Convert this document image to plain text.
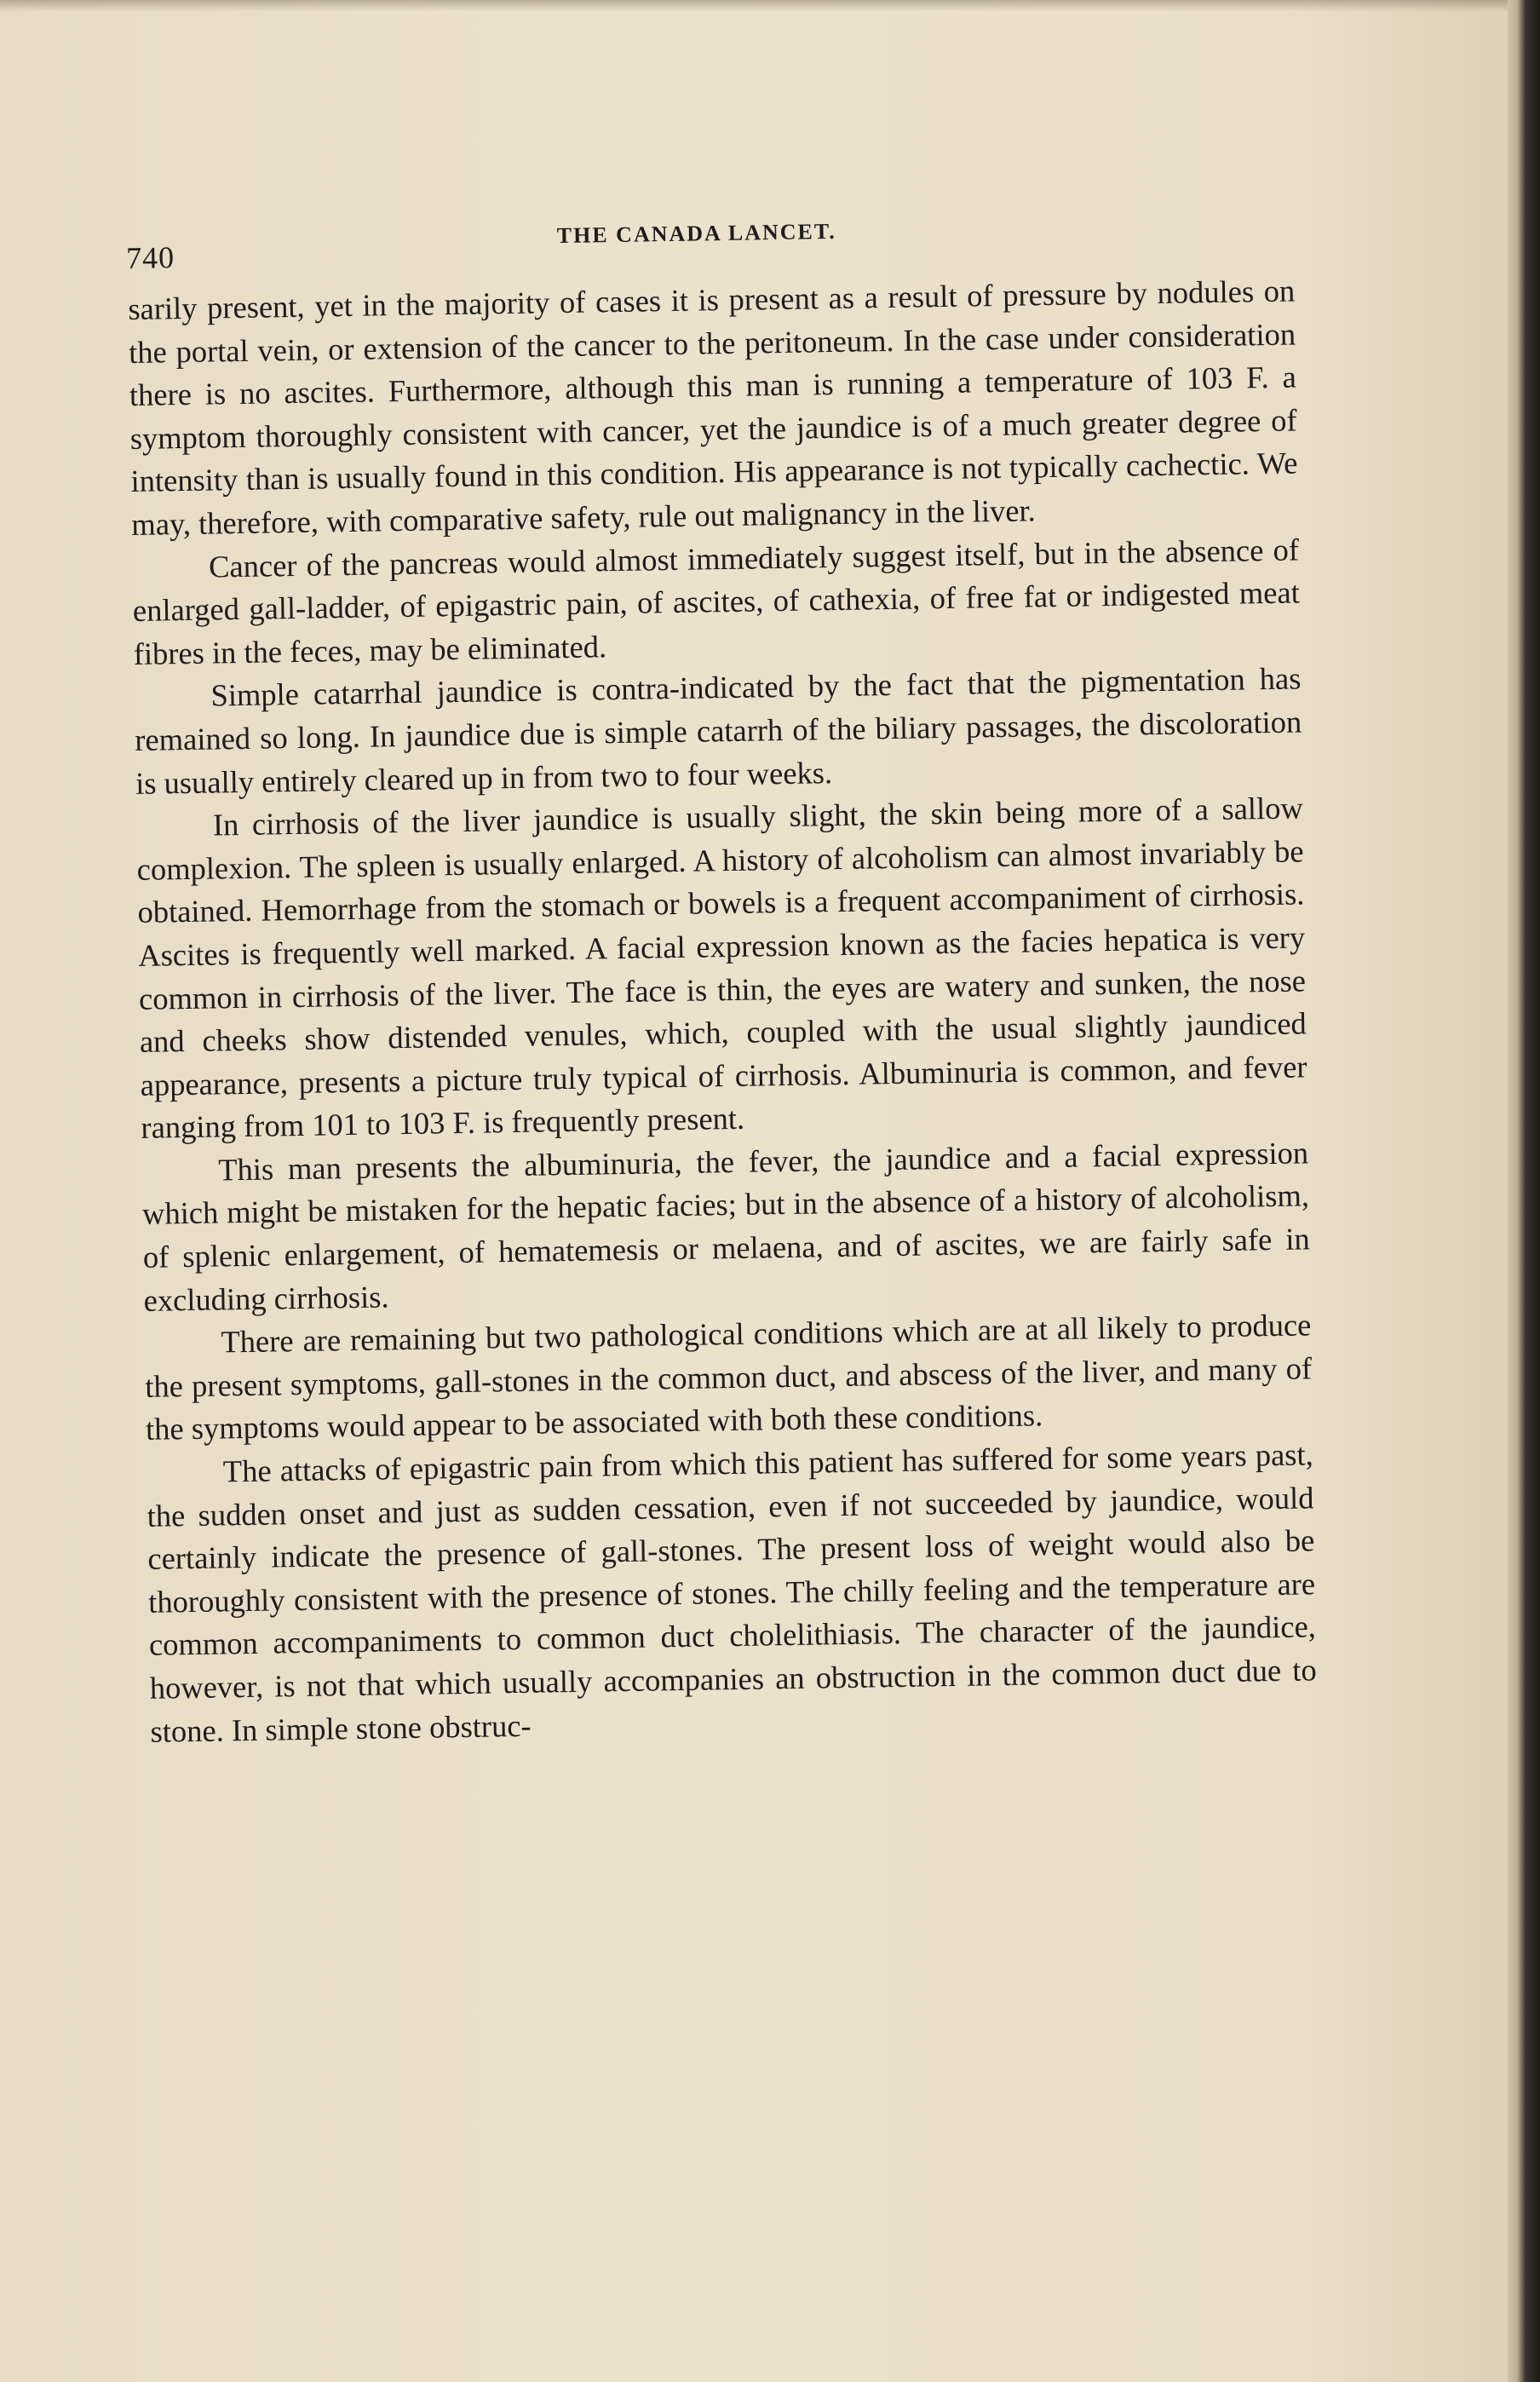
740
THE CANADA LANCET.

sarily present, yet in the majority of cases it is present as a result of pressure by nodules on the portal vein, or extension of the cancer to the peritoneum. In the case under consideration there is no ascites. Furthermore, although this man is running a temperature of 103 F. a symptom thoroughly consistent with cancer, yet the jaundice is of a much greater degree of intensity than is usually found in this condition. His appearance is not typically cachectic. We may, therefore, with comparative safety, rule out malignancy in the liver.

Cancer of the pancreas would almost immediately suggest itself, but in the absence of enlarged gall-ladder, of epigastric pain, of ascites, of cathexia, of free fat or indigested meat fibres in the feces, may be eliminated.

Simple catarrhal jaundice is contra-indicated by the fact that the pigmentation has remained so long. In jaundice due is simple catarrh of the biliary passages, the discoloration is usually entirely cleared up in from two to four weeks.

In cirrhosis of the liver jaundice is usually slight, the skin being more of a sallow complexion. The spleen is usually enlarged. A history of alcoholism can almost invariably be obtained. Hemorrhage from the stomach or bowels is a frequent accompaniment of cirrhosis. Ascites is frequently well marked. A facial expression known as the facies hepatica is very common in cirrhosis of the liver. The face is thin, the eyes are watery and sunken, the nose and cheeks show distended venules, which, coupled with the usual slightly jaundiced appearance, presents a picture truly typical of cirrhosis. Albuminuria is common, and fever ranging from 101 to 103 F. is frequently present.

This man presents the albuminuria, the fever, the jaundice and a facial expression which might be mistaken for the hepatic facies; but in the absence of a history of alcoholism, of splenic enlargement, of hematemesis or melaena, and of ascites, we are fairly safe in excluding cirrhosis.

There are remaining but two pathological conditions which are at all likely to produce the present symptoms, gall-stones in the common duct, and abscess of the liver, and many of the symptoms would appear to be associated with both these conditions.

The attacks of epigastric pain from which this patient has suffered for some years past, the sudden onset and just as sudden cessation, even if not succeeded by jaundice, would certainly indicate the presence of gall-stones. The present loss of weight would also be thoroughly consistent with the presence of stones. The chilly feeling and the temperature are common accompaniments to common duct cholelithiasis. The character of the jaundice, however, is not that which usually accompanies an obstruction in the common duct due to stone. In simple stone obstruc-
